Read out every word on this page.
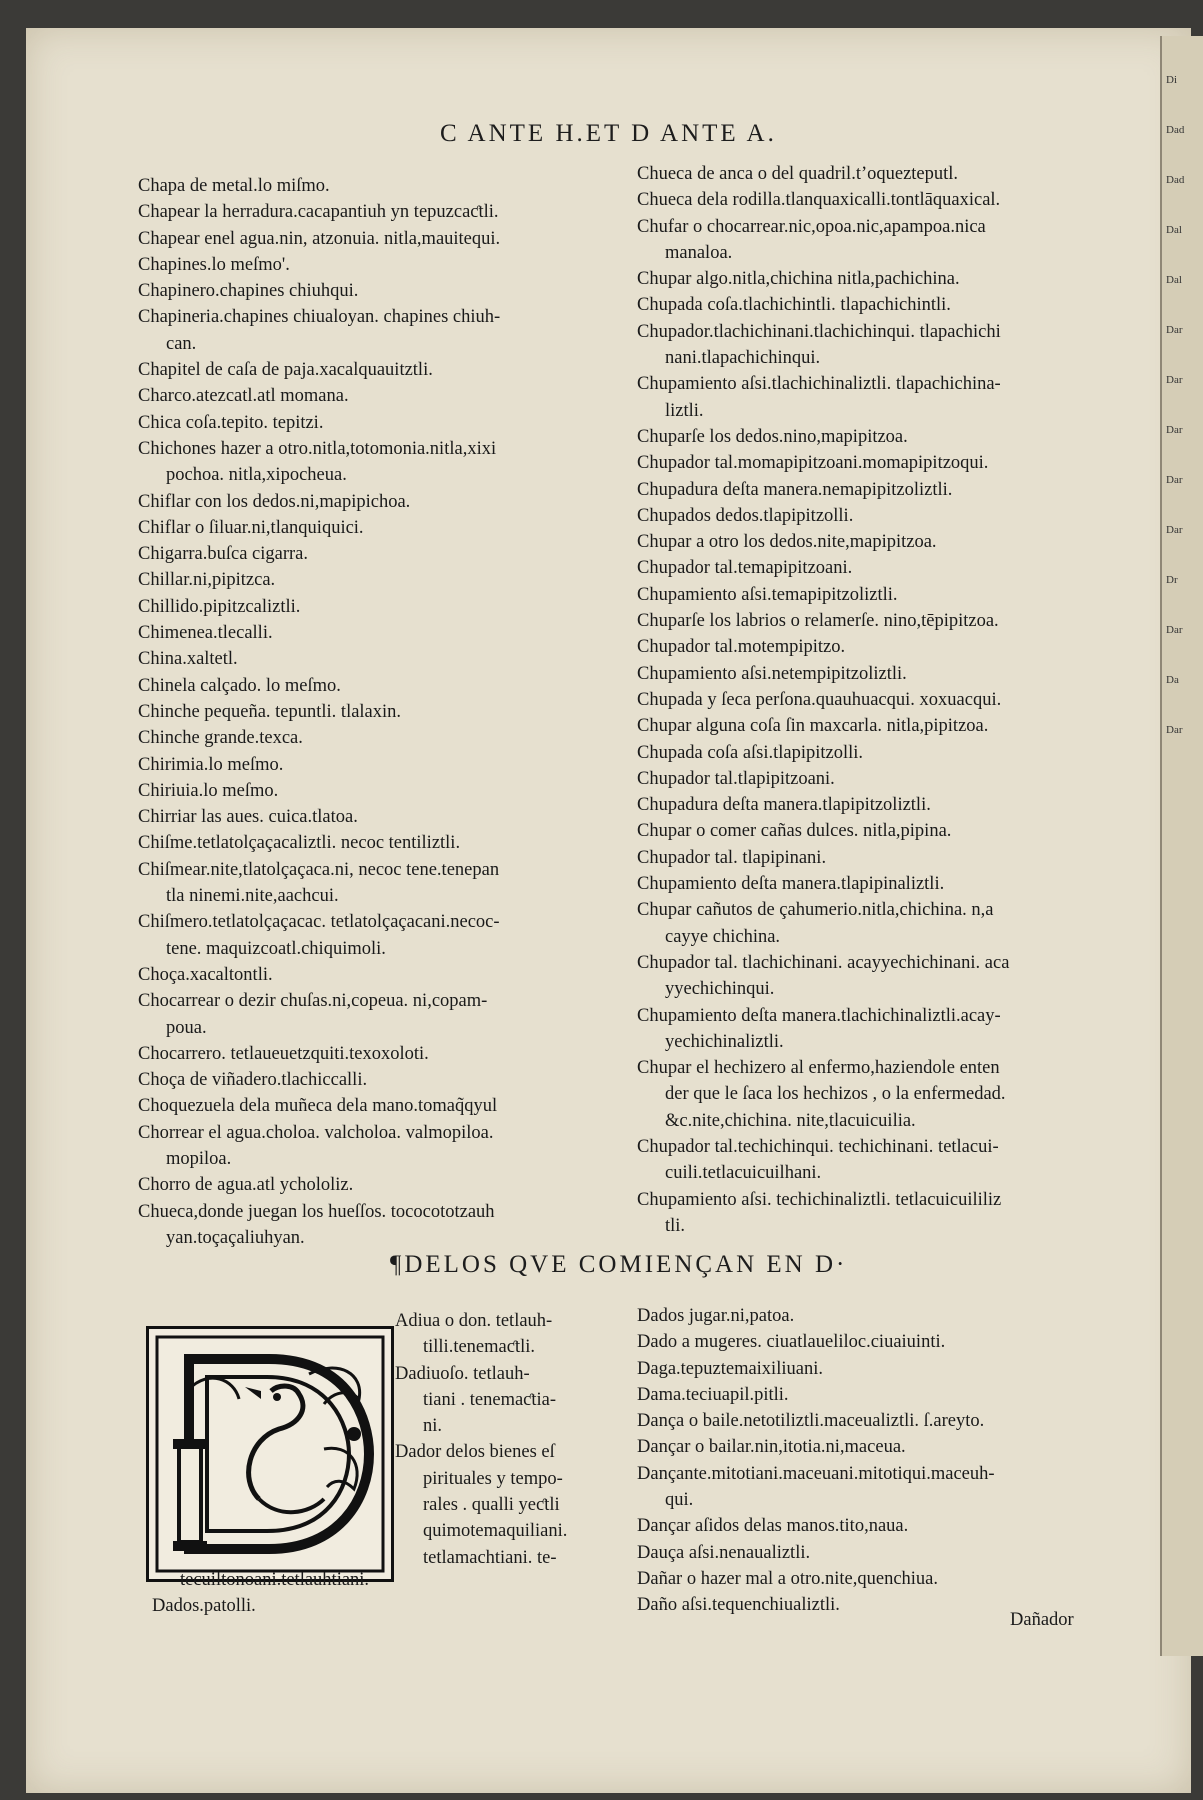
Di
Dad
Dad
Dal
Dal
Dar
Dar
Dar
Dar
Dar
Dr
Dar
Da
Dar
C ANTE H.ET D ANTE A.
Chapa de metal.lo miſmo.
Chapear la herradura.cacapantiuh yn tepuzcaƈtli.
Chapear enel agua.nin, atzonuia. nitla,mauitequi.
Chapines.lo meſmo'.
Chapinero.chapines chiuhqui.
Chapineria.chapines chiualoyan. chapines chiuh-
can.
Chapitel de caſa de paja.xacalquauitztli.
Charco.atezcatl.atl momana.
Chica coſa.tepito. tepitzi.
Chichones hazer a otro.nitla,totomonia.nitla,xixi
pochoa. nitla,xipocheua.
Chiflar con los dedos.ni,mapipichoa.
Chiflar o ſiluar.ni,tlanquiquici.
Chigarra.buſca cigarra.
Chillar.ni,pipitzca.
Chillido.pipitzcaliztli.
Chimenea.tlecalli.
China.xaltetl.
Chinela calçado. lo meſmo.
Chinche pequeña. tepuntli. tlalaxin.
Chinche grande.texca.
Chirimia.lo meſmo.
Chiriuia.lo meſmo.
Chirriar las aues. cuica.tlatoa.
Chiſme.tetlatolçaçacaliztli. necoc tentiliztli.
Chiſmear.nite,tlatolçaçaca.ni, necoc tene.tenepan
tla ninemi.nite,aachcui.
Chiſmero.tetlatolçaçacac. tetlatolçaçacani.necoc-
tene. maquizcoatl.chiquimoli.
Choça.xacaltontli.
Chocarrear o dezir chuſas.ni,copeua. ni,copam-
poua.
Chocarrero. tetlaueuetzquiti.texoxoloti.
Choça de viñadero.tlachiccalli.
Choquezuela dela muñeca dela mano.tomaq̃qyul
Chorrear el agua.choloa. valcholoa. valmopiloa.
mopiloa.
Chorro de agua.atl ychololiz.
Chueca,donde juegan los hueſſos. tococototzauh
yan.toçaçaliuhyan.
Chueca de anca o del quadril.tʼoquezteputl.
Chueca dela rodilla.tlanquaxicalli.tontlāquaxical.
Chufar o chocarrear.nic,opoa.nic,apampoa.nica
manaloa.
Chupar algo.nitla,chichina nitla,pachichina.
Chupada coſa.tlachichintli. tlapachichintli.
Chupador.tlachichinani.tlachichinqui. tlapachichi
nani.tlapachichinqui.
Chupamiento aſsi.tlachichinaliztli. tlapachichina-
liztli.
Chuparſe los dedos.nino,mapipitzoa.
Chupador tal.momapipitzoani.momapipitzoqui.
Chupadura deſta manera.nemapipitzoliztli.
Chupados dedos.tlapipitzolli.
Chupar a otro los dedos.nite,mapipitzoa.
Chupador tal.temapipitzoani.
Chupamiento aſsi.temapipitzoliztli.
Chuparſe los labrios o relamerſe. nino,tēpipitzoa.
Chupador tal.motempipitzo.
Chupamiento aſsi.netempipitzoliztli.
Chupada y ſeca perſona.quauhuacqui. xoxuacqui.
Chupar alguna coſa ſin maxcarla. nitla,pipitzoa.
Chupada coſa aſsi.tlapipitzolli.
Chupador tal.tlapipitzoani.
Chupadura deſta manera.tlapipitzoliztli.
Chupar o comer cañas dulces. nitla,pipina.
Chupador tal. tlapipinani.
Chupamiento deſta manera.tlapipinaliztli.
Chupar cañutos de çahumerio.nitla,chichina. n,a
cayye chichina.
Chupador tal. tlachichinani. acayyechichinani. aca
yyechichinqui.
Chupamiento deſta manera.tlachichinaliztli.acay-
yechichinaliztli.
Chupar el hechizero al enfermo,haziendole enten
der que le ſaca los hechizos , o la enfermedad.
&c.nite,chichina. nite,tlacuicuilia.
Chupador tal.techichinqui. techichinani. tetlacui-
cuili.tetlacuicuilhani.
Chupamiento aſsi. techichinaliztli. tetlacuicuililiz
tli.
¶DELOS QVE COMIENÇAN EN D·
Adiua o don. tetlauh-
tilli.tenemaƈtli.
Dadiuoſo. tetlauh-
tiani . tenemaƈtia-
ni.
Dador delos bienes eſ
pirituales y tempo-
rales . qualli yeƈtli
quimotemaquiliani.
tetlamachtiani. te-
tecuiltonoani.tetlauhtiani.
Dados.patolli.
Dados jugar.ni,patoa.
Dado a mugeres. ciuatlaueliloc.ciuaiuinti.
Daga.tepuztemaixiliuani.
Dama.teciuapil.pitli.
Dança o baile.netotiliztli.maceualiztli. ſ.areyto.
Dançar o bailar.nin,itotia.ni,maceua.
Dançante.mitotiani.maceuani.mitotiqui.maceuh-
qui.
Dançar aſidos delas manos.tito,naua.
Dauça aſsi.nenaualiztli.
Dañar o hazer mal a otro.nite,quenchiua.
Daño aſsi.tequenchiualiztli.
Dañador
